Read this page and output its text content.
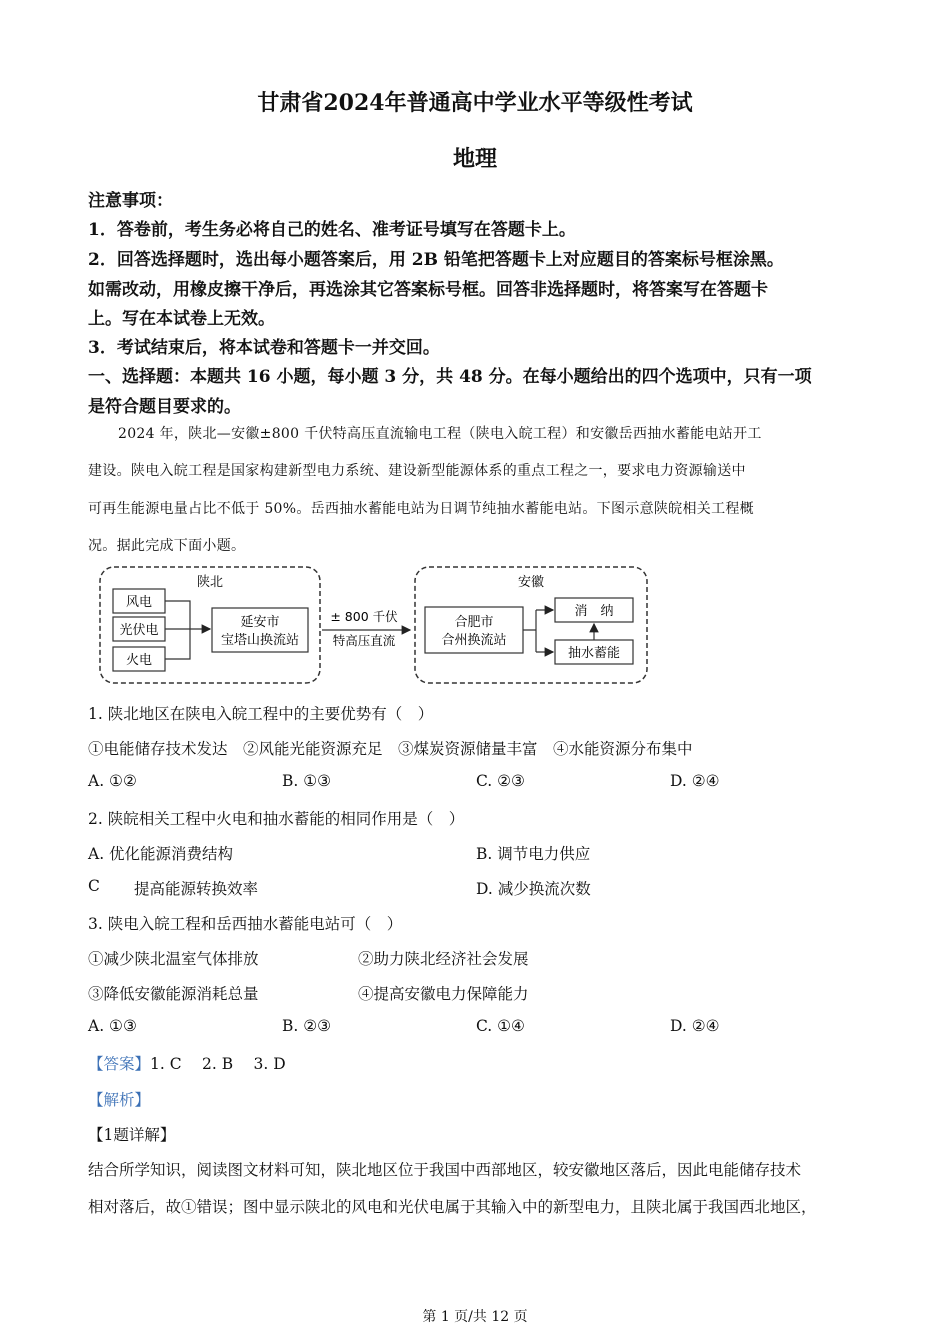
甘肃省2024年普通高中学业水平等级性考试
地理
注意事项：
1．答卷前，考生务必将自己的姓名、准考证号填写在答题卡上。
2．回答选择题时，选出每小题答案后，用 2B 铅笔把答题卡上对应题目的答案标号框涂黑。
如需改动，用橡皮擦干净后，再选涂其它答案标号框。回答非选择题时，将答案写在答题卡
上。写在本试卷上无效。
3．考试结束后，将本试卷和答题卡一并交回。
一、选择题：本题共 16 小题，每小题 3 分，共 48 分。在每小题给出的四个选项中，只有一项
是符合题目要求的。
2024 年，陕北—安徽±800 千伏特高压直流输电工程（陕电入皖工程）和安徽岳西抽水蓄能电站开工
建设。陕电入皖工程是国家构建新型电力系统、建设新型能源体系的重点工程之一，要求电力资源输送中
可再生能源电量占比不低于 50%。岳西抽水蓄能电站为日调节纯抽水蓄能电站。下图示意陕皖相关工程概
况。据此完成下面小题。
陕北
风电
光伏电
火电
延安市
宝塔山换流站
± 800 千伏
特高压直流
安徽
合肥市
合州换流站
消　纳
抽水蓄能
1. 陕北地区在陕电入皖工程中的主要优势有（　）
①电能储存技术发达　②风能光能资源充足　③煤炭资源储量丰富　④水能资源分布集中
A. ①②	B. ①③	C. ②③	D. ②④
2. 陕皖相关工程中火电和抽水蓄能的相同作用是（　）
A. 优化能源消费结构	B. 调节电力供应
C 提高能源转换效率	D. 减少换流次数
3. 陕电入皖工程和岳西抽水蓄能电站可（　）
①减少陕北温室气体排放	②助力陕北经济社会发展
③降低安徽能源消耗总量	④提高安徽电力保障能力
A. ①③	B. ②③	C. ①④	D. ②④
【答案】1. C　 2. B　 3. D
【解析】
【1题详解】
结合所学知识，阅读图文材料可知，陕北地区位于我国中西部地区，较安徽地区落后，因此电能储存技术
相对落后，故①错误；图中显示陕北的风电和光伏电属于其输入中的新型电力，且陕北属于我国西北地区，
第 1 页/共 12 页
